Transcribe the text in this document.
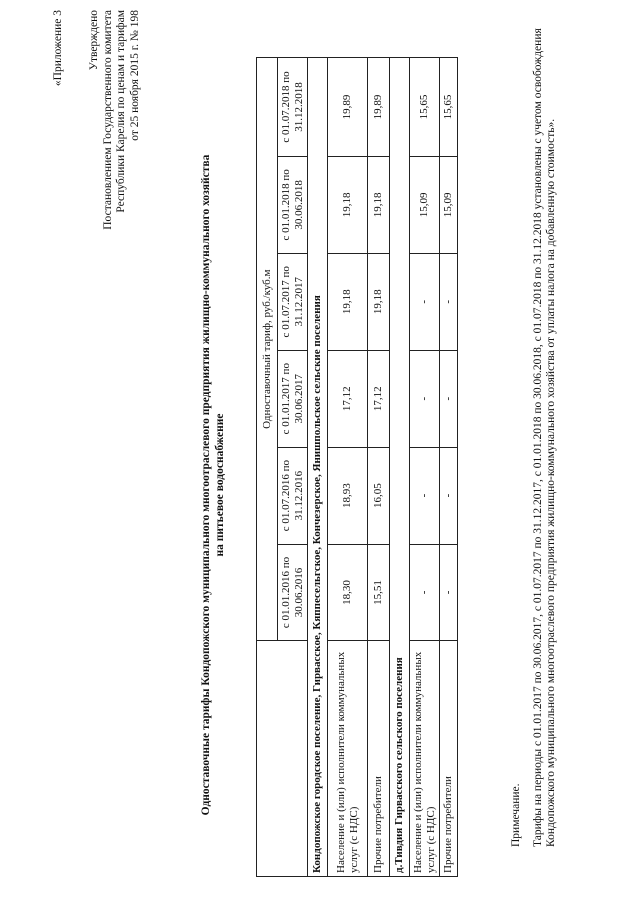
«Приложение 3 Утверждено Постановлением Государственного комитета Республики Карелия по ценам и тарифам от 25 ноября 2015 г. № 198
Одноставочные тарифы Кондопожского муниципального многоотраслевого предприятия жилищно-коммунального хозяйства на питьевое водоснабжение
	Одноставочный тариф, руб./куб.м					
	с 01.01.2016 по 30.06.2016	с 01.07.2016 по 31.12.2016	с 01.01.2017 по 30.06.2017	с 01.07.2017 по 31.12.2017	с 01.01.2018 по 30.06.2018	с 01.07.2018 по 31.12.2018
Кондопожское городское поселение, Гирвасское, Кяппесельгское, Кончезерское, Янишпольское сельские поселения						
Население и (или) исполнители коммунальных услуг (с НДС)	18,30	18,93	17,12	19,18	19,18	19,89
Прочие потребители	15,51	16,05	17,12	19,18	19,18	19,89
д.Тивдия Гирвасского сельского поселения						
Население и (или) исполнители коммунальных услуг (с НДС)	-	-	-	-	15,09	15,65
Прочие потребители	-	-	-	-	15,09	15,65
Примечание. Тарифы на периоды с 01.01.2017 по 30.06.2017, с 01.07.2017 по 31.12.2017, с 01.01.2018 по 30.06.2018, с 01.07.2018 по 31.12.2018 установлены с учетом освобождения Кондопожского муниципального многоотраслевого предприятия жилищно-коммунального хозяйства от уплаты налога на добавленную стоимость».
